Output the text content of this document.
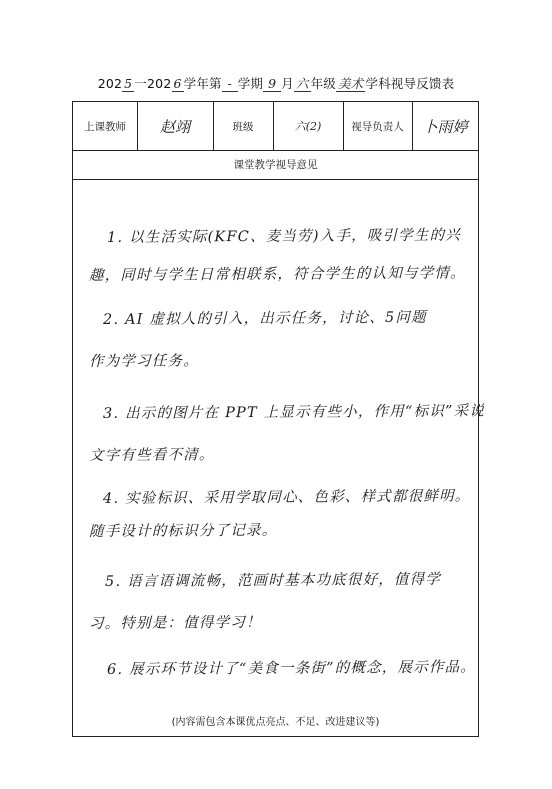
202 5 一202 6 学年第 - 学期 9 月 六 年级 美术 学科视导反馈表
上课教师	赵翊	班级	六(2)	视导负责人	卜雨婷
课堂教学视导意见
1. 以生活实际(KFC、麦当劳)入手，吸引学生的兴
趣，同时与学生日常相联系，符合学生的认知与学情。
2. AI 虚拟人的引入，出示任务，讨论、5问题
作为学习任务。
3. 出示的图片在 PPT 上显示有些小，作用“标识”采说
文字有些看不清。
4. 实验标识、采用学取同心、色彩、样式都很鲜明。
随手设计的标识分了记录。
5. 语言语调流畅，范画时基本功底很好，值得学
习。特别是：值得学习！
6. 展示环节设计了“美食一条街”的概念，展示作品。
(内容需包含本课优点亮点、不足、改进建议等)
